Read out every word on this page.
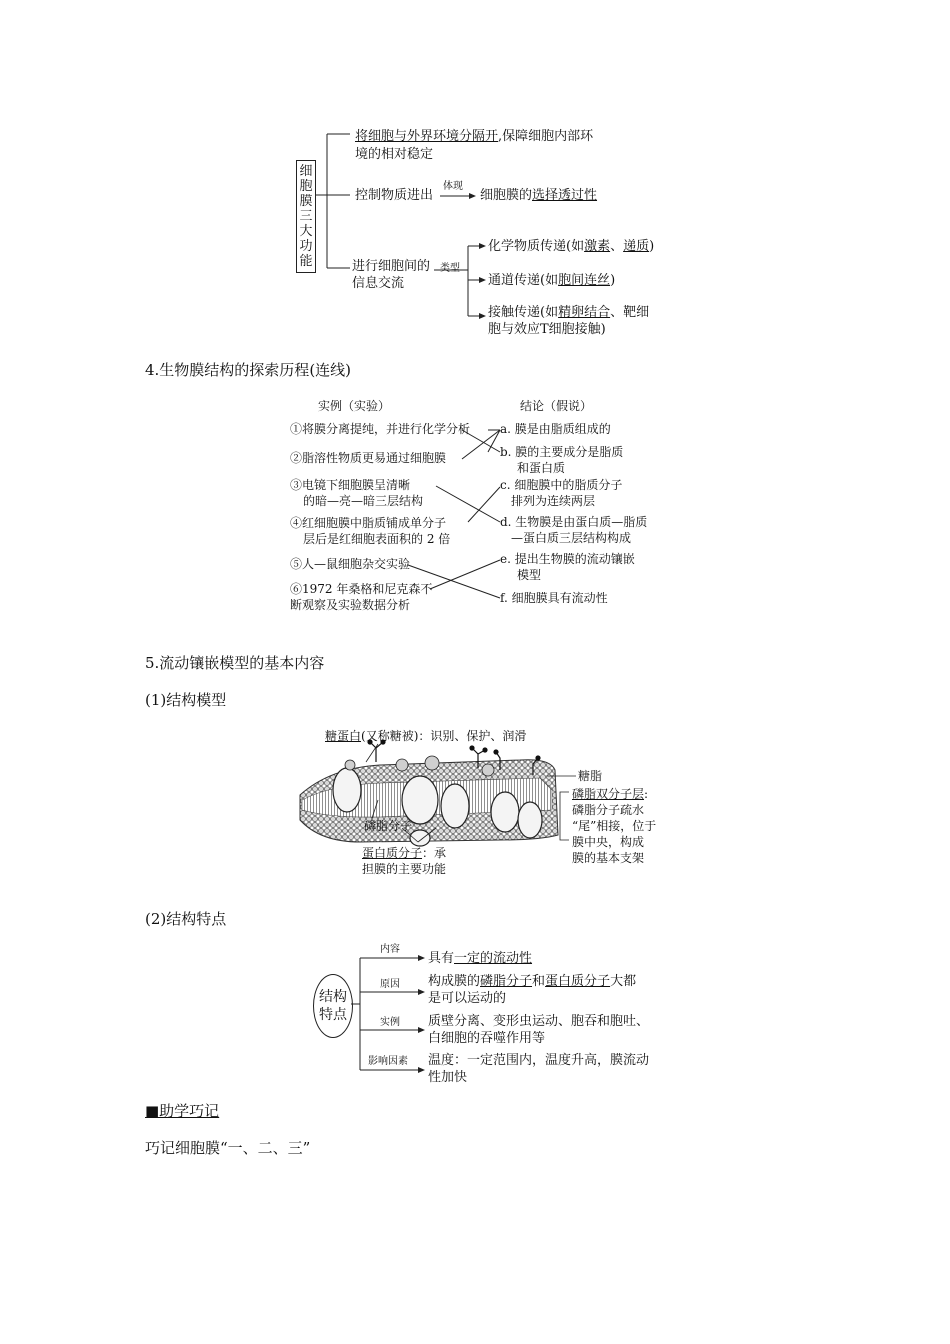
细胞膜三大功能
将细胞与外界环境分隔开,保障细胞内部环
境的相对稳定
控制物质进出
体现
细胞膜的选择透过性
进行细胞间的
信息交流
类型
化学物质传递(如激素、递质)
通道传递(如胞间连丝)
接触传递(如精卵结合、靶细
胞与效应T细胞接触)
4.生物膜结构的探索历程(连线)
实例（实验）	结论（假说）
①将膜分离提纯，并进行化学分析
②脂溶性物质更易通过细胞膜
③电镜下细胞膜呈清晰
的暗—亮—暗三层结构
④红细胞膜中脂质铺成单分子
层后是红细胞表面积的 2 倍
⑤人—鼠细胞杂交实验
⑥1972 年桑格和尼克森不
断观察及实验数据分析
a. 膜是由脂质组成的
b. 膜的主要成分是脂质
和蛋白质
c. 细胞膜中的脂质分子
排列为连续两层
d. 生物膜是由蛋白质—脂质
—蛋白质三层结构构成
e. 提出生物膜的流动镶嵌
模型
f. 细胞膜具有流动性
5.流动镶嵌模型的基本内容
(1)结构模型
糖蛋白(又称糖被)：识别、保护、润滑
糖脂
磷脂双分子层:
磷脂分子疏水
“尾”相接，位于
膜中央，构成
膜的基本支架
磷脂分子
蛋白质分子：承
担膜的主要功能
(2)结构特点
结构特点
内容
原因
实例
影响因素
具有一定的流动性
构成膜的磷脂分子和蛋白质分子大都
是可以运动的
质壁分离、变形虫运动、胞吞和胞吐、
白细胞的吞噬作用等
温度：一定范围内，温度升高，膜流动
性加快
■助学巧记
巧记细胞膜“一、二、三”
